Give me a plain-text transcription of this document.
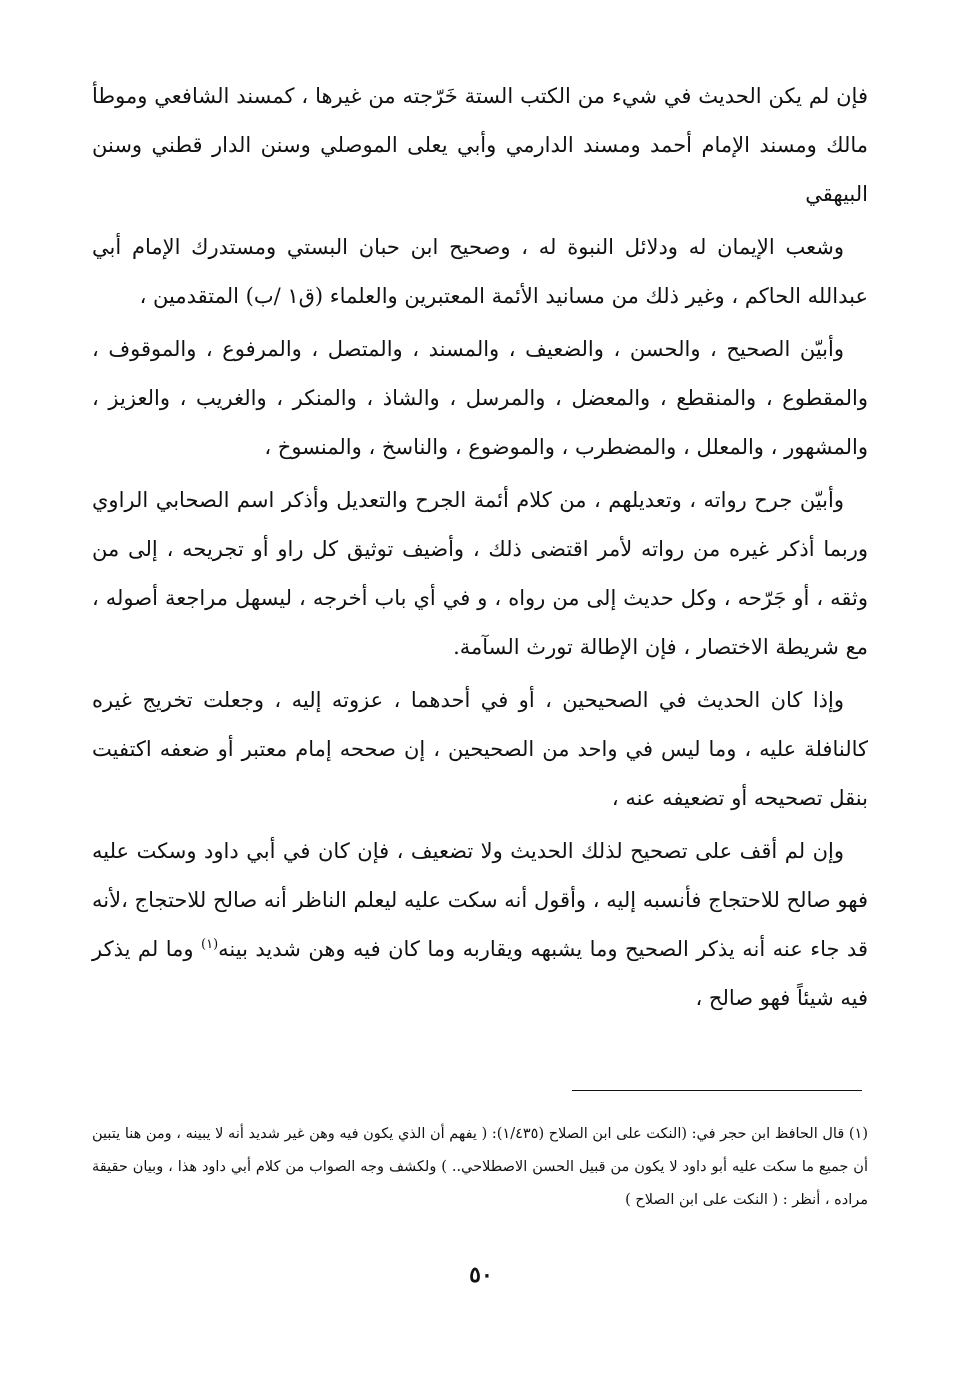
فإن لم يكن الحديث في شيء من الكتب الستة خَرّجته من غيرها ، كمسند الشافعي وموطأ مالك ومسند الإمام أحمد ومسند الدارمي وأبي يعلى الموصلي وسنن الدار قطني وسنن البيهقي

وشعب الإيمان له ودلائل النبوة له ، وصحيح ابن حبان البستي ومستدرك الإمام أبي عبدالله الحاكم ، وغير ذلك من مسانيد الأئمة المعتبرين والعلماء (ق١ /ب) المتقدمين ،

وأبيّن الصحيح ، والحسن ، والضعيف ، والمسند ، والمتصل ، والمرفوع ، والموقوف ، والمقطوع ، والمنقطع ، والمعضل ، والمرسل ، والشاذ ، والمنكر ، والغريب ، والعزيز ، والمشهور ، والمعلل ، والمضطرب ، والموضوع ، والناسخ ، والمنسوخ ،

وأبيّن جرح رواته ، وتعديلهم ، من كلام أئمة الجرح والتعديل وأذكر اسم الصحابي الراوي وربما أذكر غيره من رواته لأمر اقتضى ذلك ، وأضيف توثيق كل راو أو تجريحه ، إلى من وثقه ، أو جَرّحه ، وكل حديث إلى من رواه ، و في أي باب أخرجه ، ليسهل مراجعة أصوله ، مع شريطة الاختصار ، فإن الإطالة تورث السآمة.

وإذا كان الحديث في الصحيحين ، أو في أحدهما ، عزوته إليه ، وجعلت تخريج غيره كالنافلة عليه ، وما ليس في واحد من الصحيحين ، إن صححه إمام معتبر أو ضعفه اكتفيت بنقل تصحيحه أو تضعيفه عنه ،

وإن لم أقف على تصحيح لذلك الحديث ولا تضعيف ، فإن كان في أبي داود وسكت عليه فهو صالح للاحتجاج فأنسبه إليه ، وأقول أنه سكت عليه ليعلم الناظر أنه صالح للاحتجاج ،لأنه قد جاء عنه أنه يذكر الصحيح وما يشبهه ويقاربه وما كان فيه وهن شديد بينه$^{(١)}$ وما لم يذكر فيه شيئاً فهو صالح ،

(١) قال الحافظ ابن حجر في: (النكت على ابن الصلاح (١/٤٣٥): ( يفهم أن الذي يكون فيه وهن غير شديد أنه لا يبينه ، ومن هنا يتبين أن جميع ما سكت عليه أبو داود لا يكون من قبيل الحسن الاصطلاحي.. ) ولكشف وجه الصواب من كلام أبي داود هذا ، وبيان حقيقة مراده ، أنظر : ( النكت على ابن الصلاح )
٥٠
